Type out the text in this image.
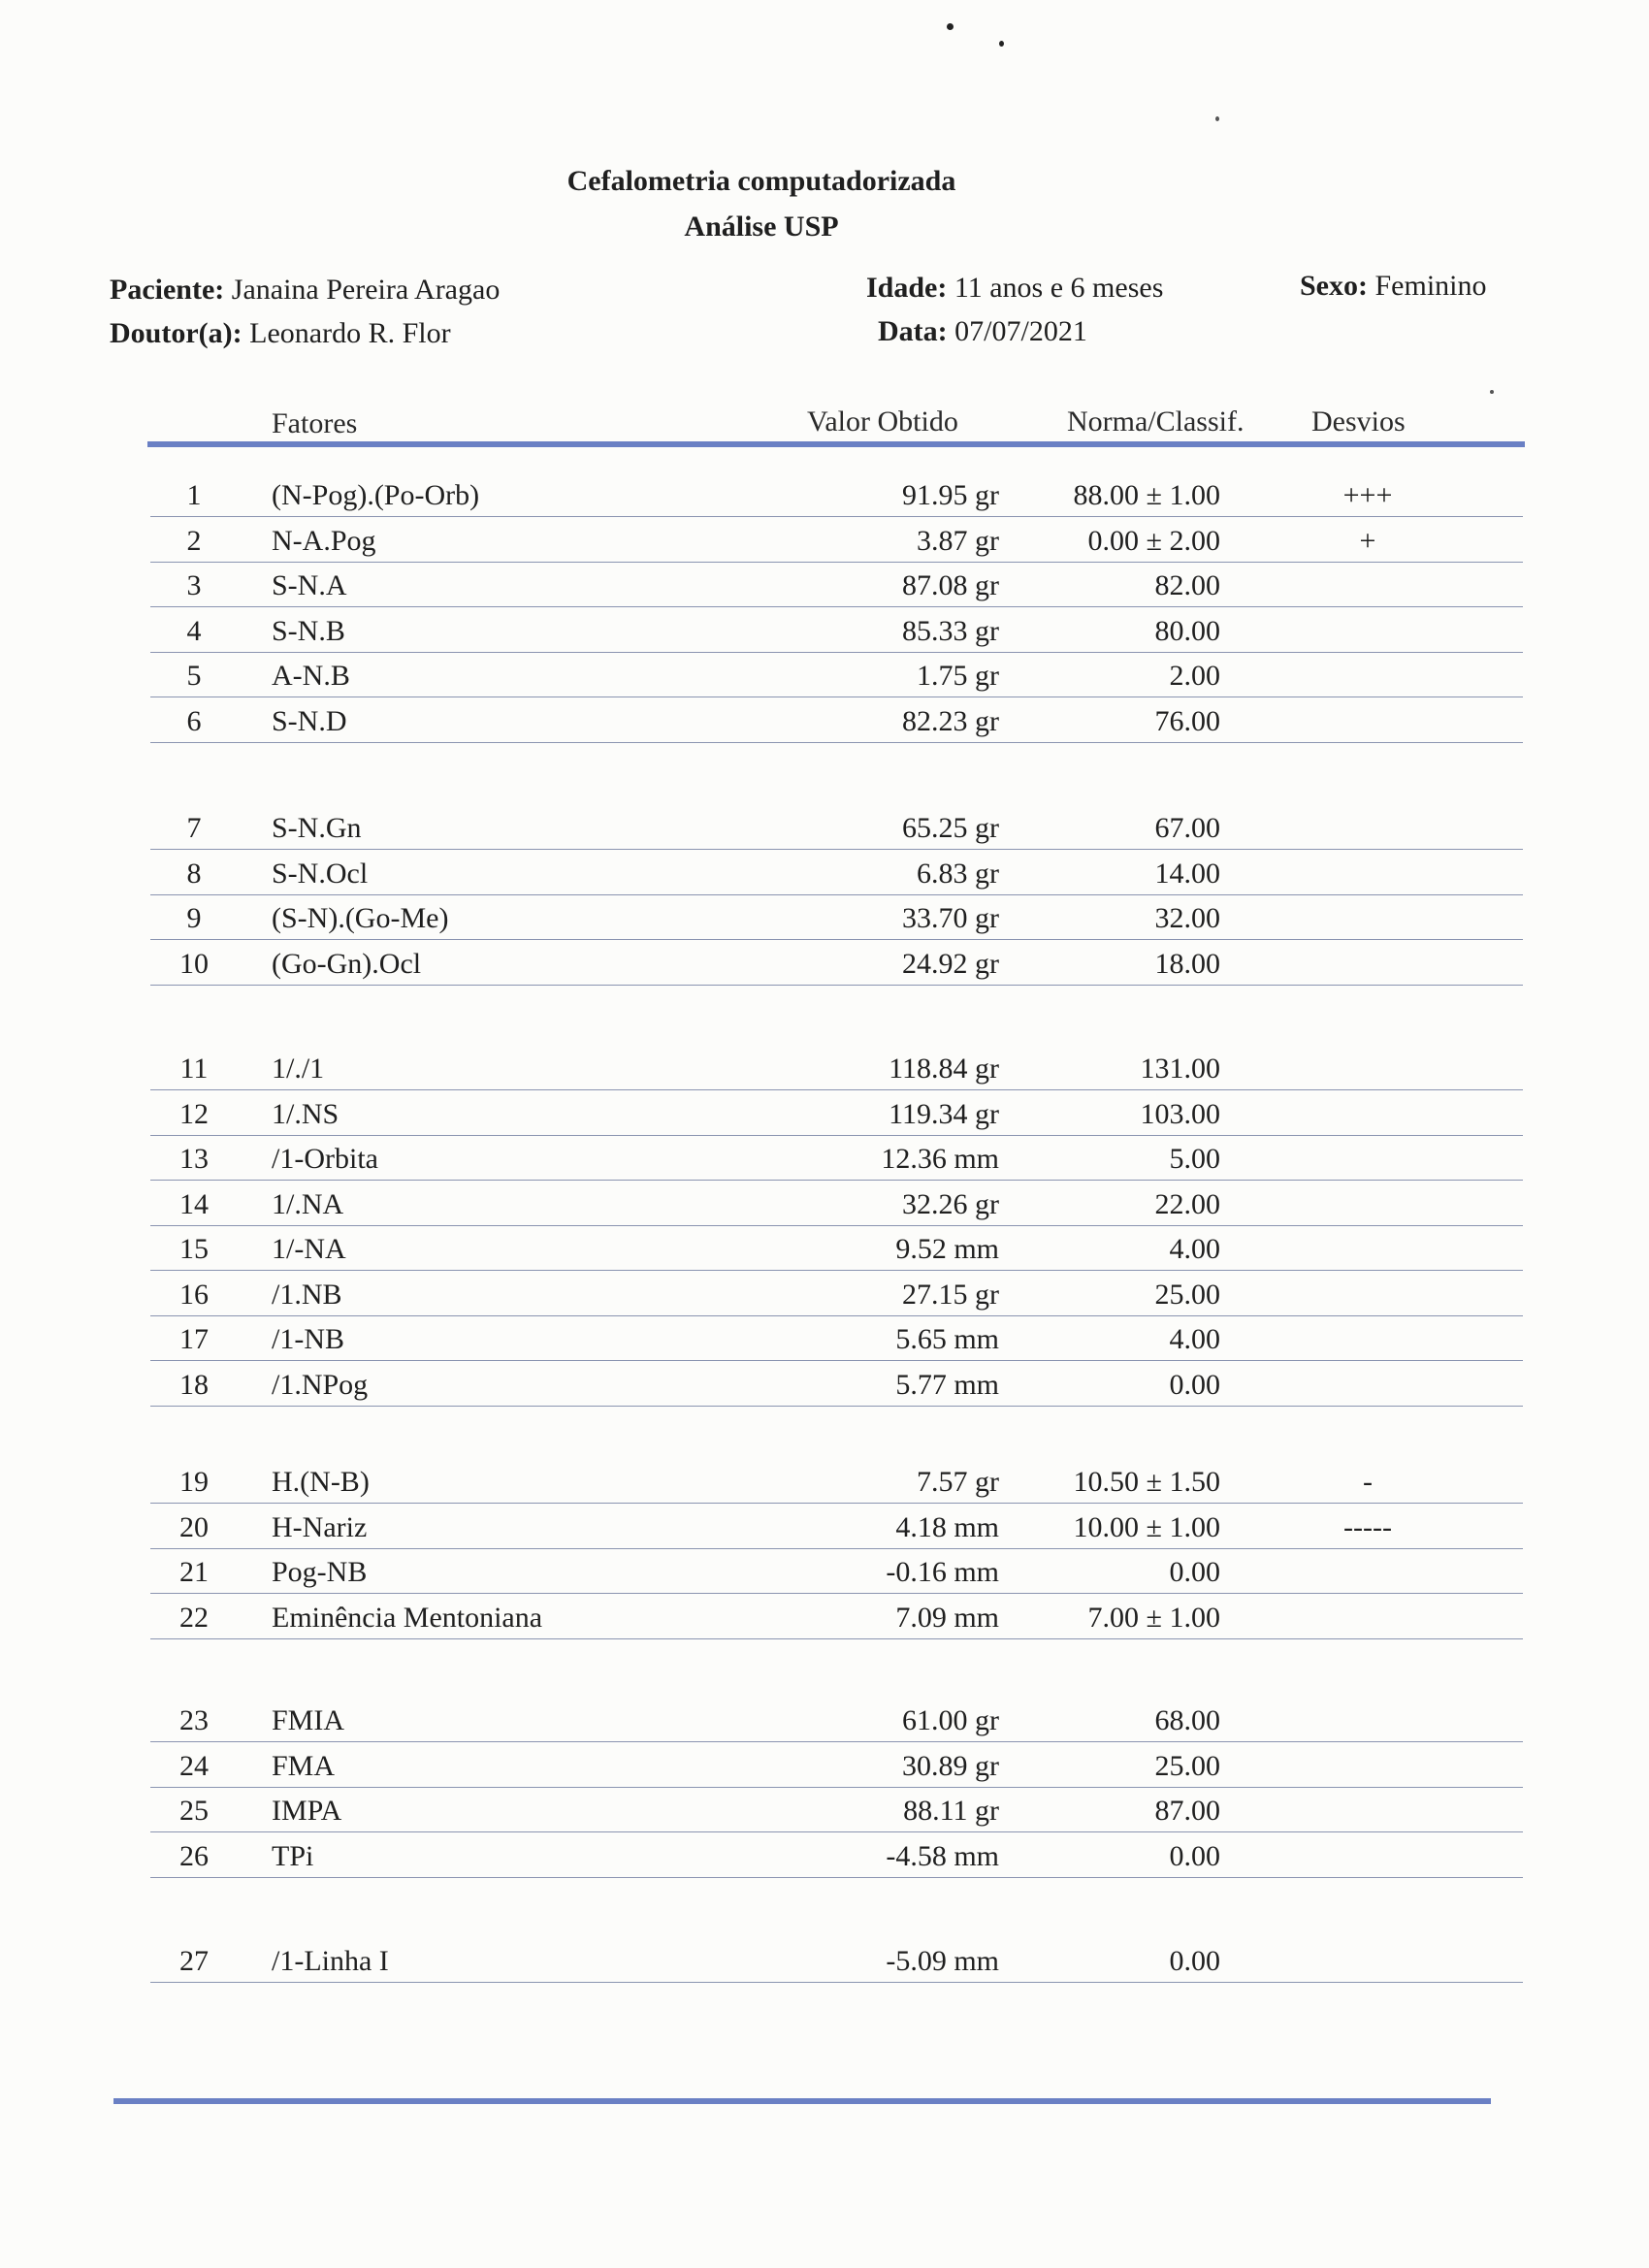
Cefalometria computadorizada
Análise USP
Paciente: Janaina Pereira Aragao
Doutor(a): Leonardo R. Flor
Idade: 11 anos e 6 meses
Data: 07/07/2021
Sexo: Feminino
Fatores	Valor Obtido	Norma/Classif. Desvios
1	(N-Pog).(Po-Orb)	91.95 gr	88.00 ± 1.00	+++
2	N-A.Pog	3.87 gr	0.00 ± 2.00	+
3	S-N.A	87.08 gr	82.00
4	S-N.B	85.33 gr	80.00
5	A-N.B	1.75 gr	2.00
6	S-N.D	82.23 gr	76.00
7	S-N.Gn	65.25 gr	67.00
8	S-N.Ocl	6.83 gr	14.00
9	(S-N).(Go-Me)	33.70 gr	32.00
10	(Go-Gn).Ocl	24.92 gr	18.00
11	1/./1	118.84 gr	131.00
12	1/.NS	119.34 gr	103.00
13	/1-Orbita	12.36 mm	5.00
14	1/.NA	32.26 gr	22.00
15	1/-NA	9.52 mm	4.00
16	/1.NB	27.15 gr	25.00
17	/1-NB	5.65 mm	4.00
18	/1.NPog	5.77 mm	0.00
19	H.(N-B)	7.57 gr	10.50 ± 1.50	-
20	H-Nariz	4.18 mm	10.00 ± 1.00	-----
21	Pog-NB	-0.16 mm	0.00
22	Eminência Mentoniana	7.09 mm	7.00 ± 1.00
23	FMIA	61.00 gr	68.00
24	FMA	30.89 gr	25.00
25	IMPA	88.11 gr	87.00
26	TPi	-4.58 mm	0.00
27	/1-Linha I	-5.09 mm	0.00
